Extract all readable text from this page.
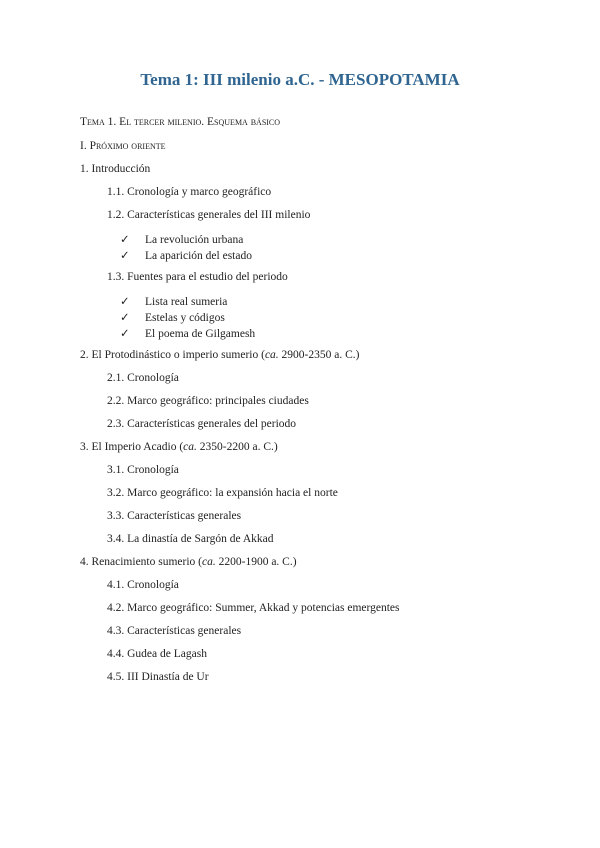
Tema 1: III milenio a.C. - MESOPOTAMIA
Tema 1. El tercer milenio. Esquema básico
I. Próximo oriente
1. Introducción
1.1. Cronología y marco geográfico
1.2. Características generales del III milenio
✓ La revolución urbana
✓ La aparición del estado
1.3. Fuentes para el estudio del periodo
✓ Lista real sumeria
✓ Estelas y códigos
✓ El poema de Gilgamesh
2. El Protodinástico o imperio sumerio (ca. 2900-2350 a. C.)
2.1. Cronología
2.2. Marco geográfico: principales ciudades
2.3. Características generales del periodo
3. El Imperio Acadio (ca. 2350-2200 a. C.)
3.1. Cronología
3.2. Marco geográfico: la expansión hacia el norte
3.3. Características generales
3.4. La dinastía de Sargón de Akkad
4. Renacimiento sumerio (ca. 2200-1900 a. C.)
4.1. Cronología
4.2. Marco geográfico: Summer, Akkad y potencias emergentes
4.3. Características generales
4.4. Gudea de Lagash
4.5. III Dinastía de Ur
